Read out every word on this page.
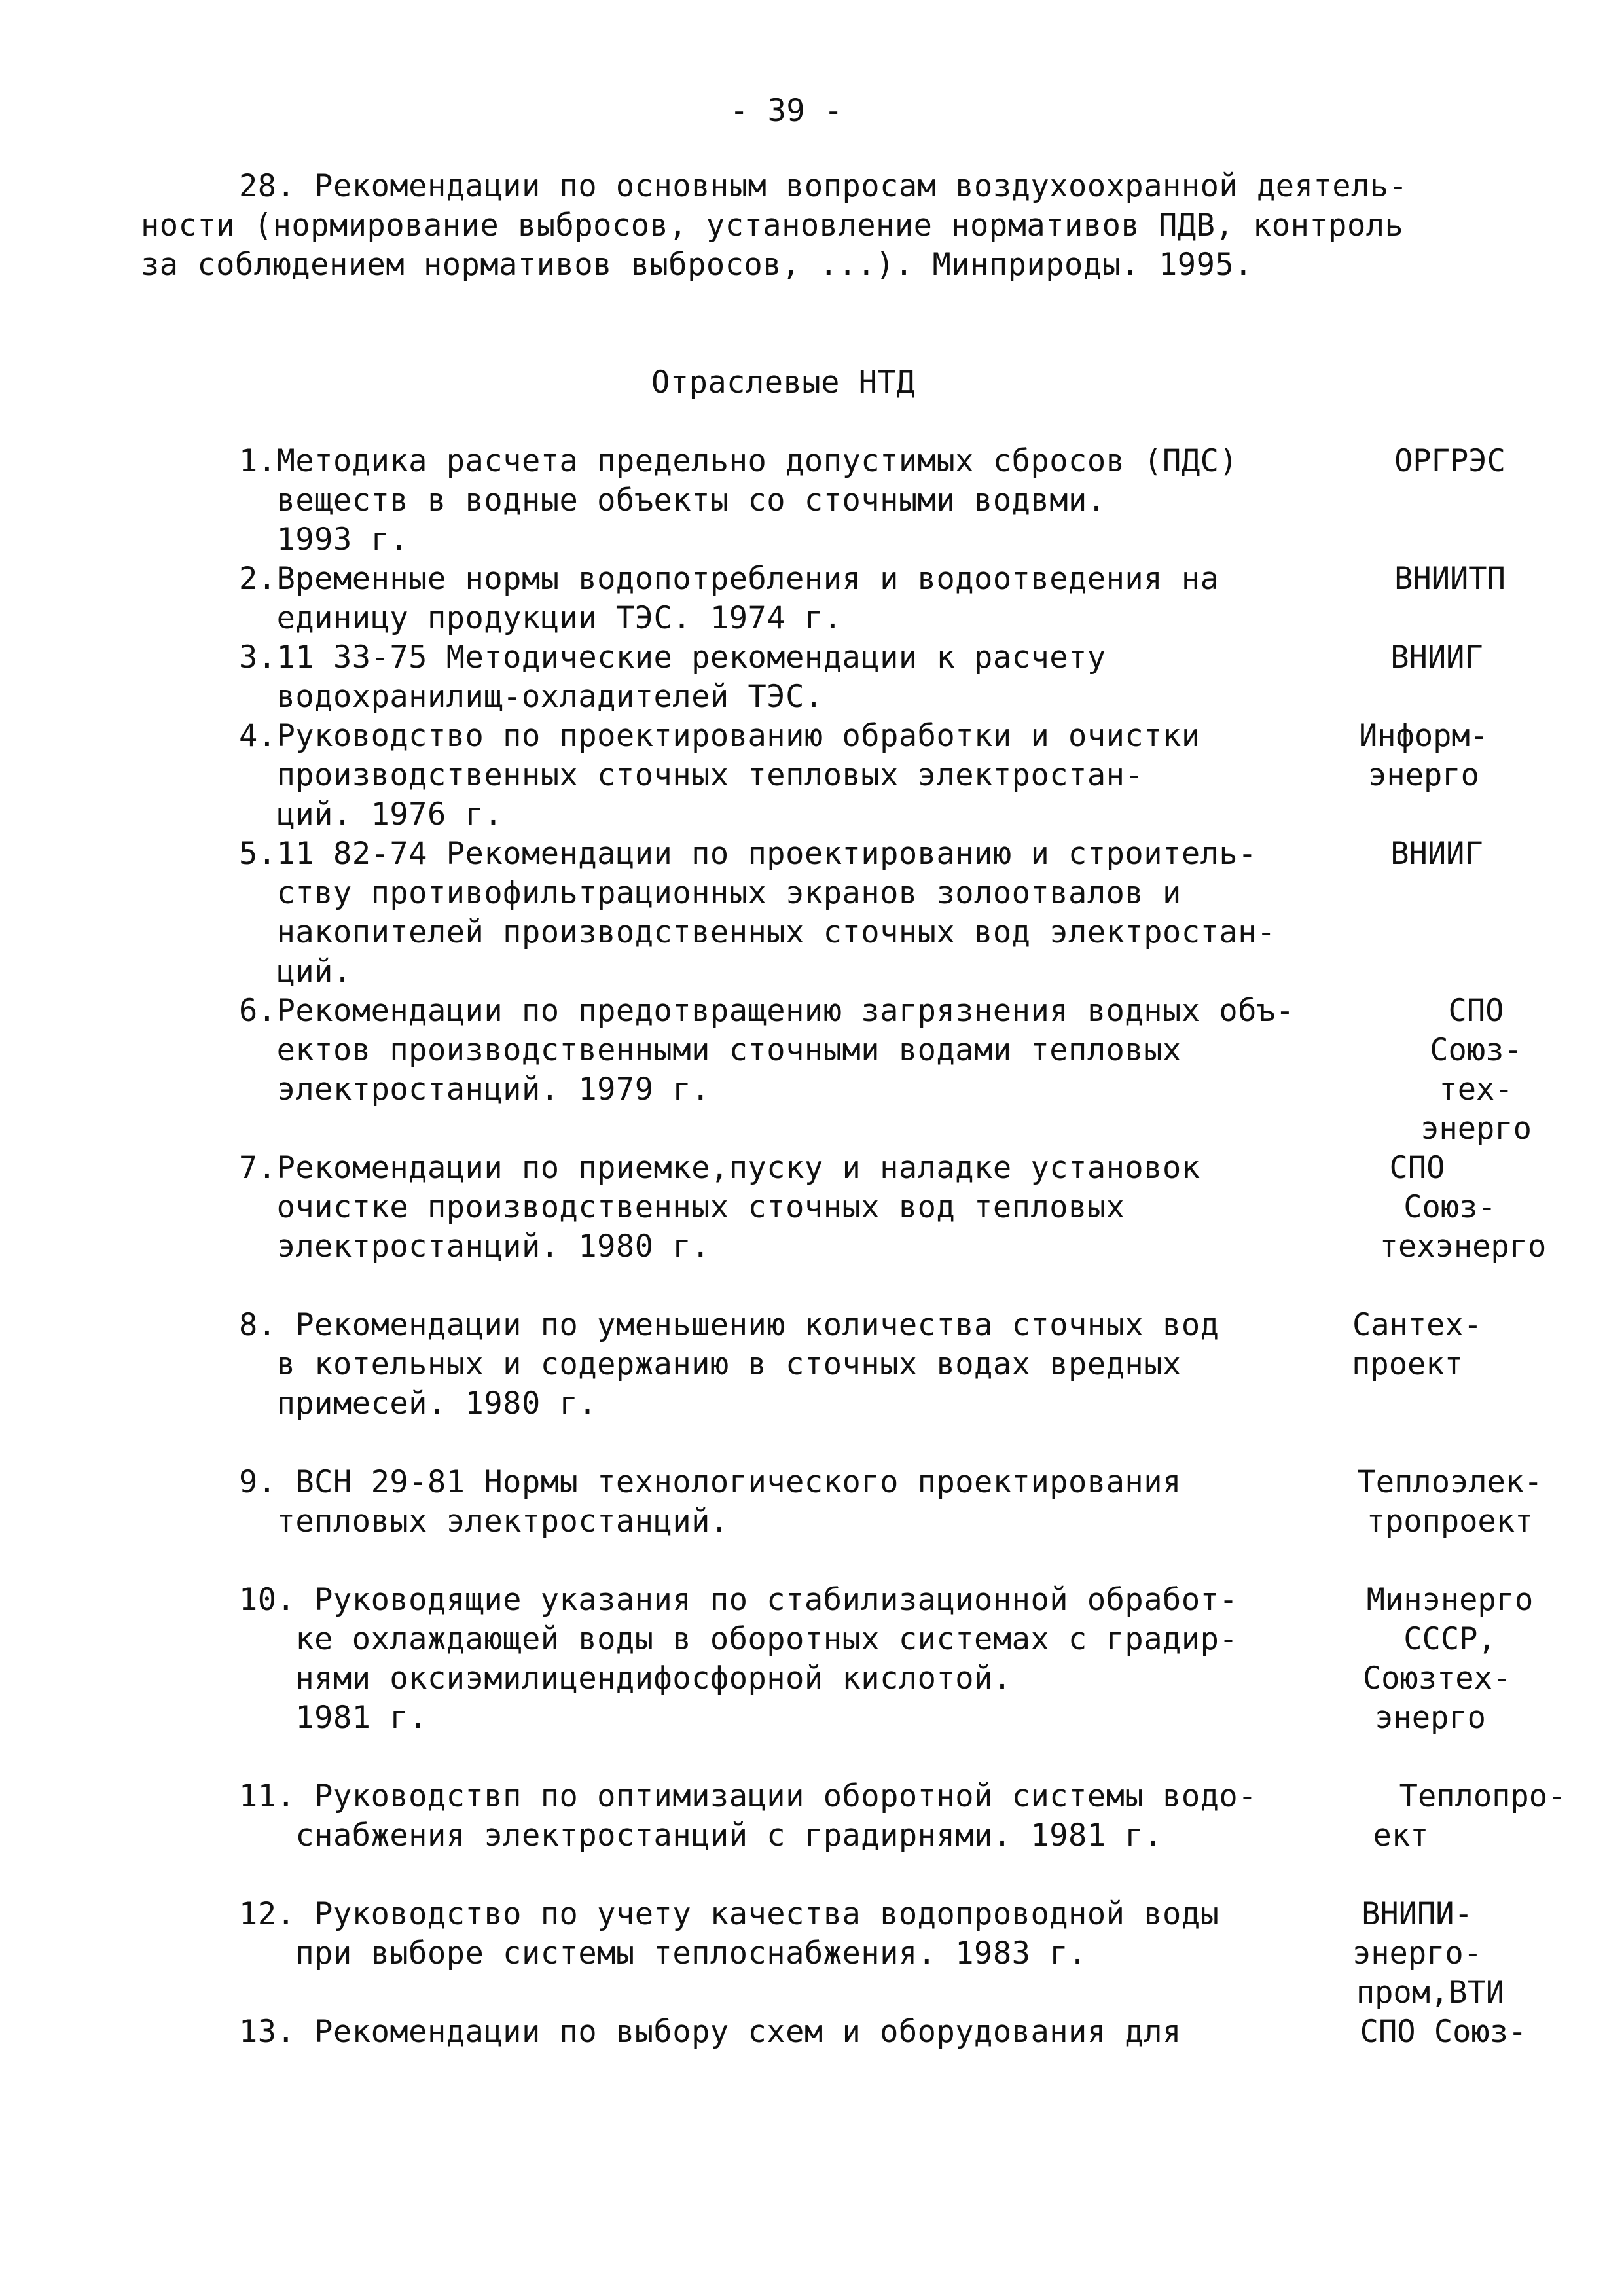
- 39 -
28. Рекомендации по основным вопросам воздухоохранной деятель-
ности (нормирование выбросов, установление нормативов ПДВ, контроль
за соблюдением нормативов выбросов, ...). Минприроды. 1995.
Отраслевые НТД
1.Методика расчета предельно допустимых сбросов (ПДС)
веществ в водные объекты со сточными водвми.
1993 г.
ОРГРЭС
2.Временные нормы водопотребления и водоотведения на
единицу продукции ТЭС. 1974 г.
ВНИИТП
3.11 33-75 Методические рекомендации к расчету
водохранилищ-охладителей ТЭС.
ВНИИГ
4.Руководство по проектированию обработки и очистки
производственных сточных тепловых электростан-
ций. 1976 г.
Информ-
энерго
5.11 82-74 Рекомендации по проектированию и строитель-
ству противофильтрационных экранов золоотвалов и
накопителей производственных сточных вод электростан-
ций.
ВНИИГ
6.Рекомендации по предотвращению загрязнения водных объ-
ектов производственными сточными водами тепловых
электростанций. 1979 г.
СПО
Союз-
тех-
энерго
7.Рекомендации по приемке,пуску и наладке установок
очистке производственных сточных вод тепловых
электростанций. 1980 г.
СПО
Союз-
техэнерго
8. Рекомендации по уменьшению количества сточных вод
в котельных и содержанию в сточных водах вредных
примесей. 1980 г.
Сантех-
проект
9. ВСН 29-81 Нормы технологического проектирования
тепловых электростанций.
Теплоэлек-
тропроект
10. Руководящие указания по стабилизационной обработ-
ке охлаждающей воды в оборотных системах с градир-
нями оксиэмилицендифосфорной кислотой.
1981 г.
Минэнерго
СССР,
Союзтех-
энерго
11. Руководствп по оптимизации оборотной системы водо-
снабжения электростанций с градирнями. 1981 г.
Теплопро-
ект
12. Руководство по учету качества водопроводной воды
при выборе системы теплоснабжения. 1983 г.
ВНИПИ-
энерго-
пром,ВТИ
13. Рекомендации по выбору схем и оборудования для	СПО Союз-
